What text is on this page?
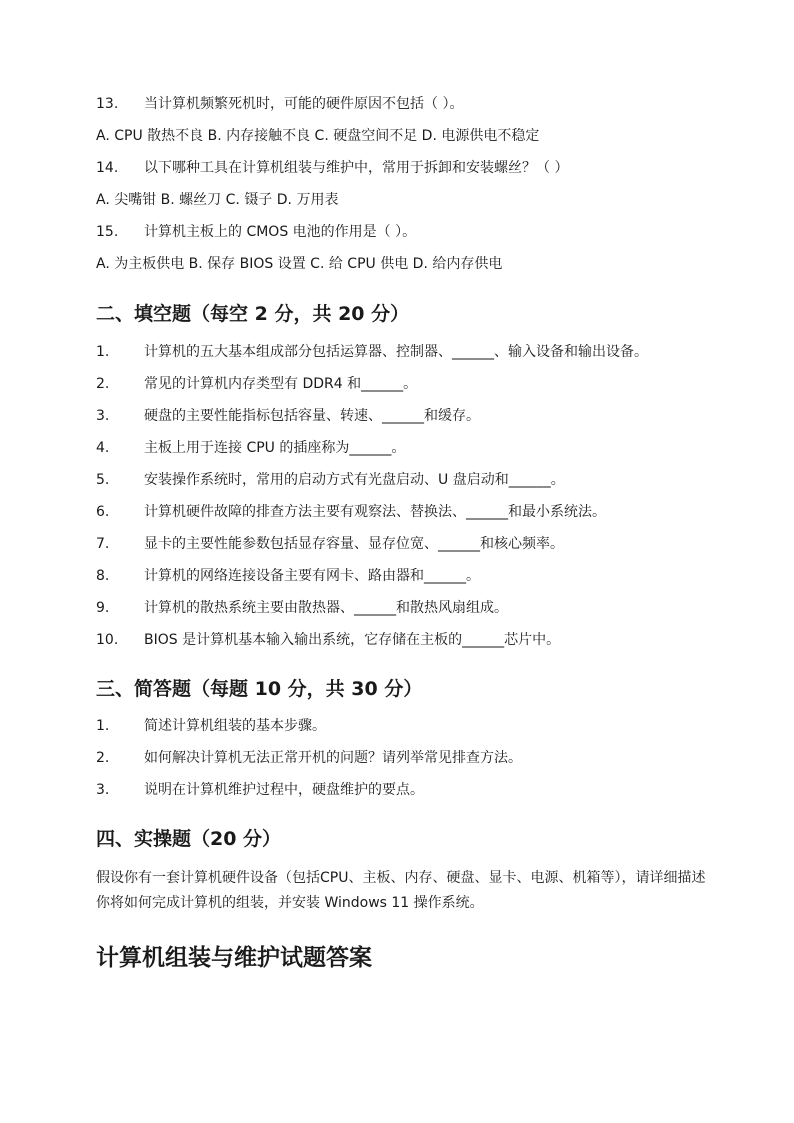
13. 当计算机频繁死机时，可能的硬件原因不包括（ ）。
A. CPU 散热不良 B. 内存接触不良 C. 硬盘空间不足 D. 电源供电不稳定
14. 以下哪种工具在计算机组装与维护中，常用于拆卸和安装螺丝？（ ）
A. 尖嘴钳 B. 螺丝刀 C. 镊子 D. 万用表
15. 计算机主板上的 CMOS 电池的作用是（ ）。
A. 为主板供电 B. 保存 BIOS 设置 C. 给 CPU 供电 D. 给内存供电
二、填空题（每空 2 分，共 20 分）
1. 计算机的五大基本组成部分包括运算器、控制器、______、输入设备和输出设备。
2. 常见的计算机内存类型有 DDR4 和______。
3. 硬盘的主要性能指标包括容量、转速、______和缓存。
4. 主板上用于连接 CPU 的插座称为______。
5. 安装操作系统时，常用的启动方式有光盘启动、U 盘启动和______。
6. 计算机硬件故障的排查方法主要有观察法、替换法、______和最小系统法。
7. 显卡的主要性能参数包括显存容量、显存位宽、______和核心频率。
8. 计算机的网络连接设备主要有网卡、路由器和______。
9. 计算机的散热系统主要由散热器、______和散热风扇组成。
10. BIOS 是计算机基本输入输出系统，它存储在主板的______芯片中。
三、简答题（每题 10 分，共 30 分）
1. 简述计算机组装的基本步骤。
2. 如何解决计算机无法正常开机的问题？请列举常见排查方法。
3. 说明在计算机维护过程中，硬盘维护的要点。
四、实操题（20 分）
假设你有一套计算机硬件设备（包括CPU、主板、内存、硬盘、显卡、电源、机箱等），请详细描述你将如何完成计算机的组装，并安装 Windows 11 操作系统。
计算机组装与维护试题答案
